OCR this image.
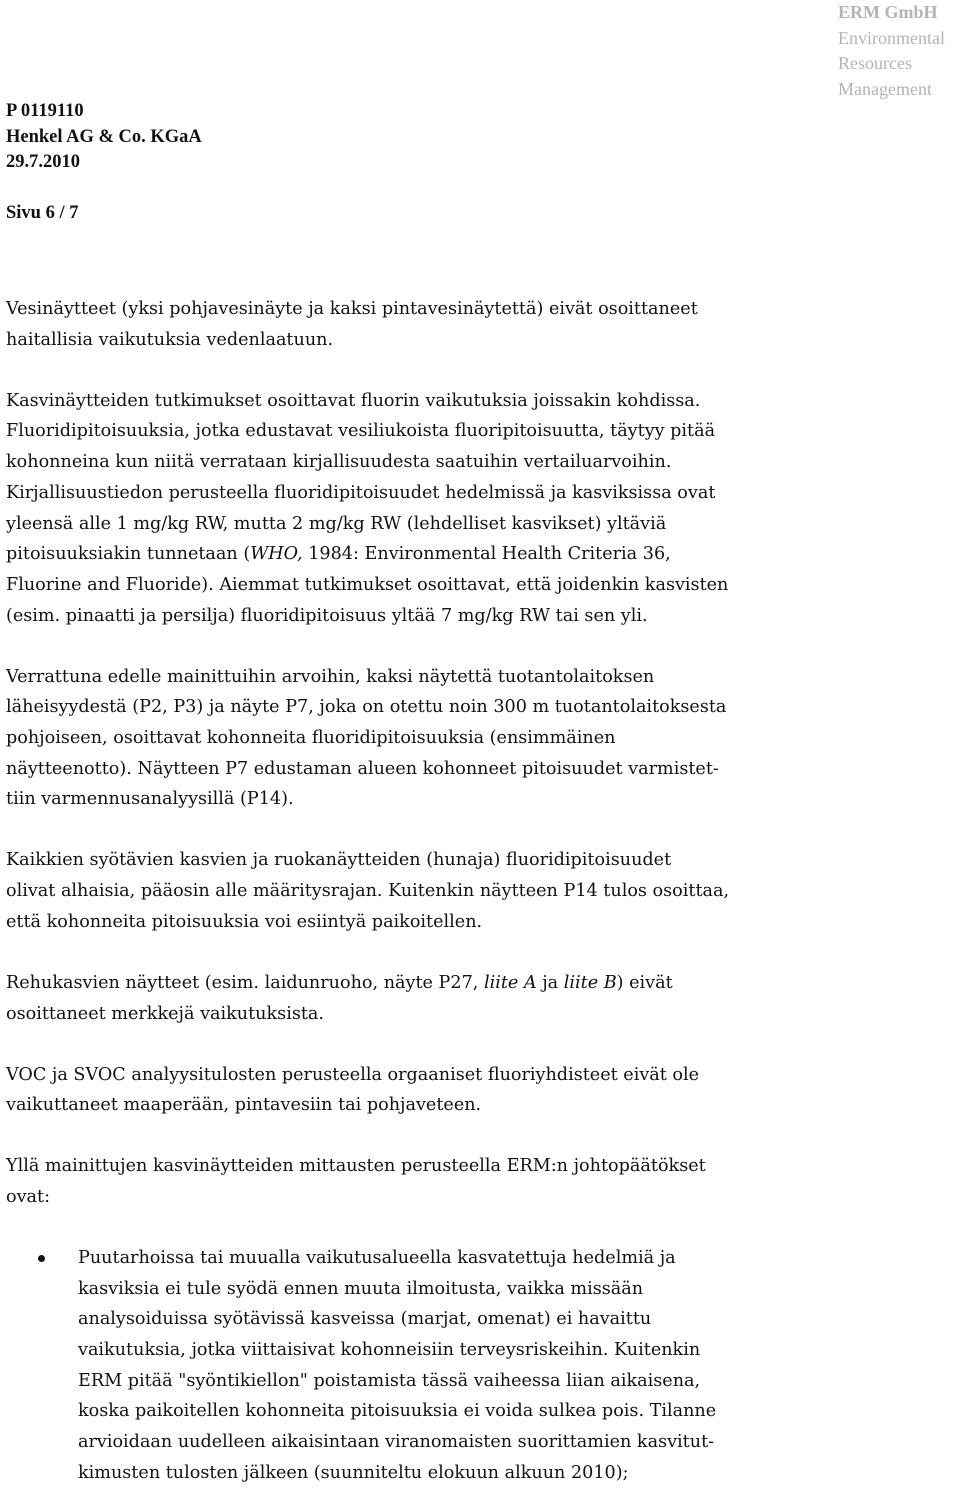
ERM GmbH
Environmental
Resources
Management
P 0119110
Henkel AG & Co. KGaA
29.7.2010
Sivu 6 / 7
Vesinäytteet (yksi pohjavesinäyte ja kaksi pintavesinäytettä) eivät osoittaneet
haitallisia vaikutuksia vedenlaatuun.
Kasvinäytteiden tutkimukset osoittavat fluorin vaikutuksia joissakin kohdissa.
Fluoridipitoisuuksia, jotka edustavat vesiliukoista fluoripitoisuutta, täytyy pitää
kohonneina kun niitä verrataan kirjallisuudesta saatuihin vertailuarvoihin.
Kirjallisuustiedon perusteella fluoridipitoisuudet hedelmissä ja kasviksissa ovat
yleensä alle 1 mg/kg RW, mutta 2 mg/kg RW (lehdelliset kasvikset) yltäviä
pitoisuuksiakin tunnetaan (WHO, 1984: Environmental Health Criteria 36,
Fluorine and Fluoride). Aiemmat tutkimukset osoittavat, että joidenkin kasvisten
(esim. pinaatti ja persilja) fluoridipitoisuus yltää 7 mg/kg RW tai sen yli.
Verrattuna edelle mainittuihin arvoihin, kaksi näytettä tuotantolaitoksen
läheisyydestä (P2, P3) ja näyte P7, joka on otettu noin 300 m tuotantolaitoksesta
pohjoiseen, osoittavat kohonneita fluoridipitoisuuksia (ensimmäinen
näytteenotto). Näytteen P7 edustaman alueen kohonneet pitoisuudet varmistet-
tiin varmennusanalyysillä (P14).
Kaikkien syötävien kasvien ja ruokanäytteiden (hunaja) fluoridipitoisuudet
olivat alhaisia, pääosin alle määritysrajan. Kuitenkin näytteen P14 tulos osoittaa,
että kohonneita pitoisuuksia voi esiintyä paikoitellen.
Rehukasvien näytteet (esim. laidunruoho, näyte P27, liite A ja liite B) eivät
osoittaneet merkkejä vaikutuksista.
VOC ja SVOC analyysitulosten perusteella orgaaniset fluoriyhdisteet eivät ole
vaikuttaneet maaperään, pintavesiin tai pohjaveteen.
Yllä mainittujen kasvinäytteiden mittausten perusteella ERM:n johtopäätökset
ovat:
Puutarhoissa tai muualla vaikutusalueella kasvatettuja hedelmiä ja
kasviksia ei tule syödä ennen muuta ilmoitusta, vaikka missään
analysoiduissa syötävissä kasveissa (marjat, omenat) ei havaittu
vaikutuksia, jotka viittaisivat kohonneisiin terveysriskeihin. Kuitenkin
ERM pitää "syöntikiellon" poistamista tässä vaiheessa liian aikaisena,
koska paikoitellen kohonneita pitoisuuksia ei voida sulkea pois. Tilanne
arvioidaan uudelleen aikaisintaan viranomaisten suorittamien kasvitut-
kimusten tulosten jälkeen (suunniteltu elokuun alkuun 2010);
